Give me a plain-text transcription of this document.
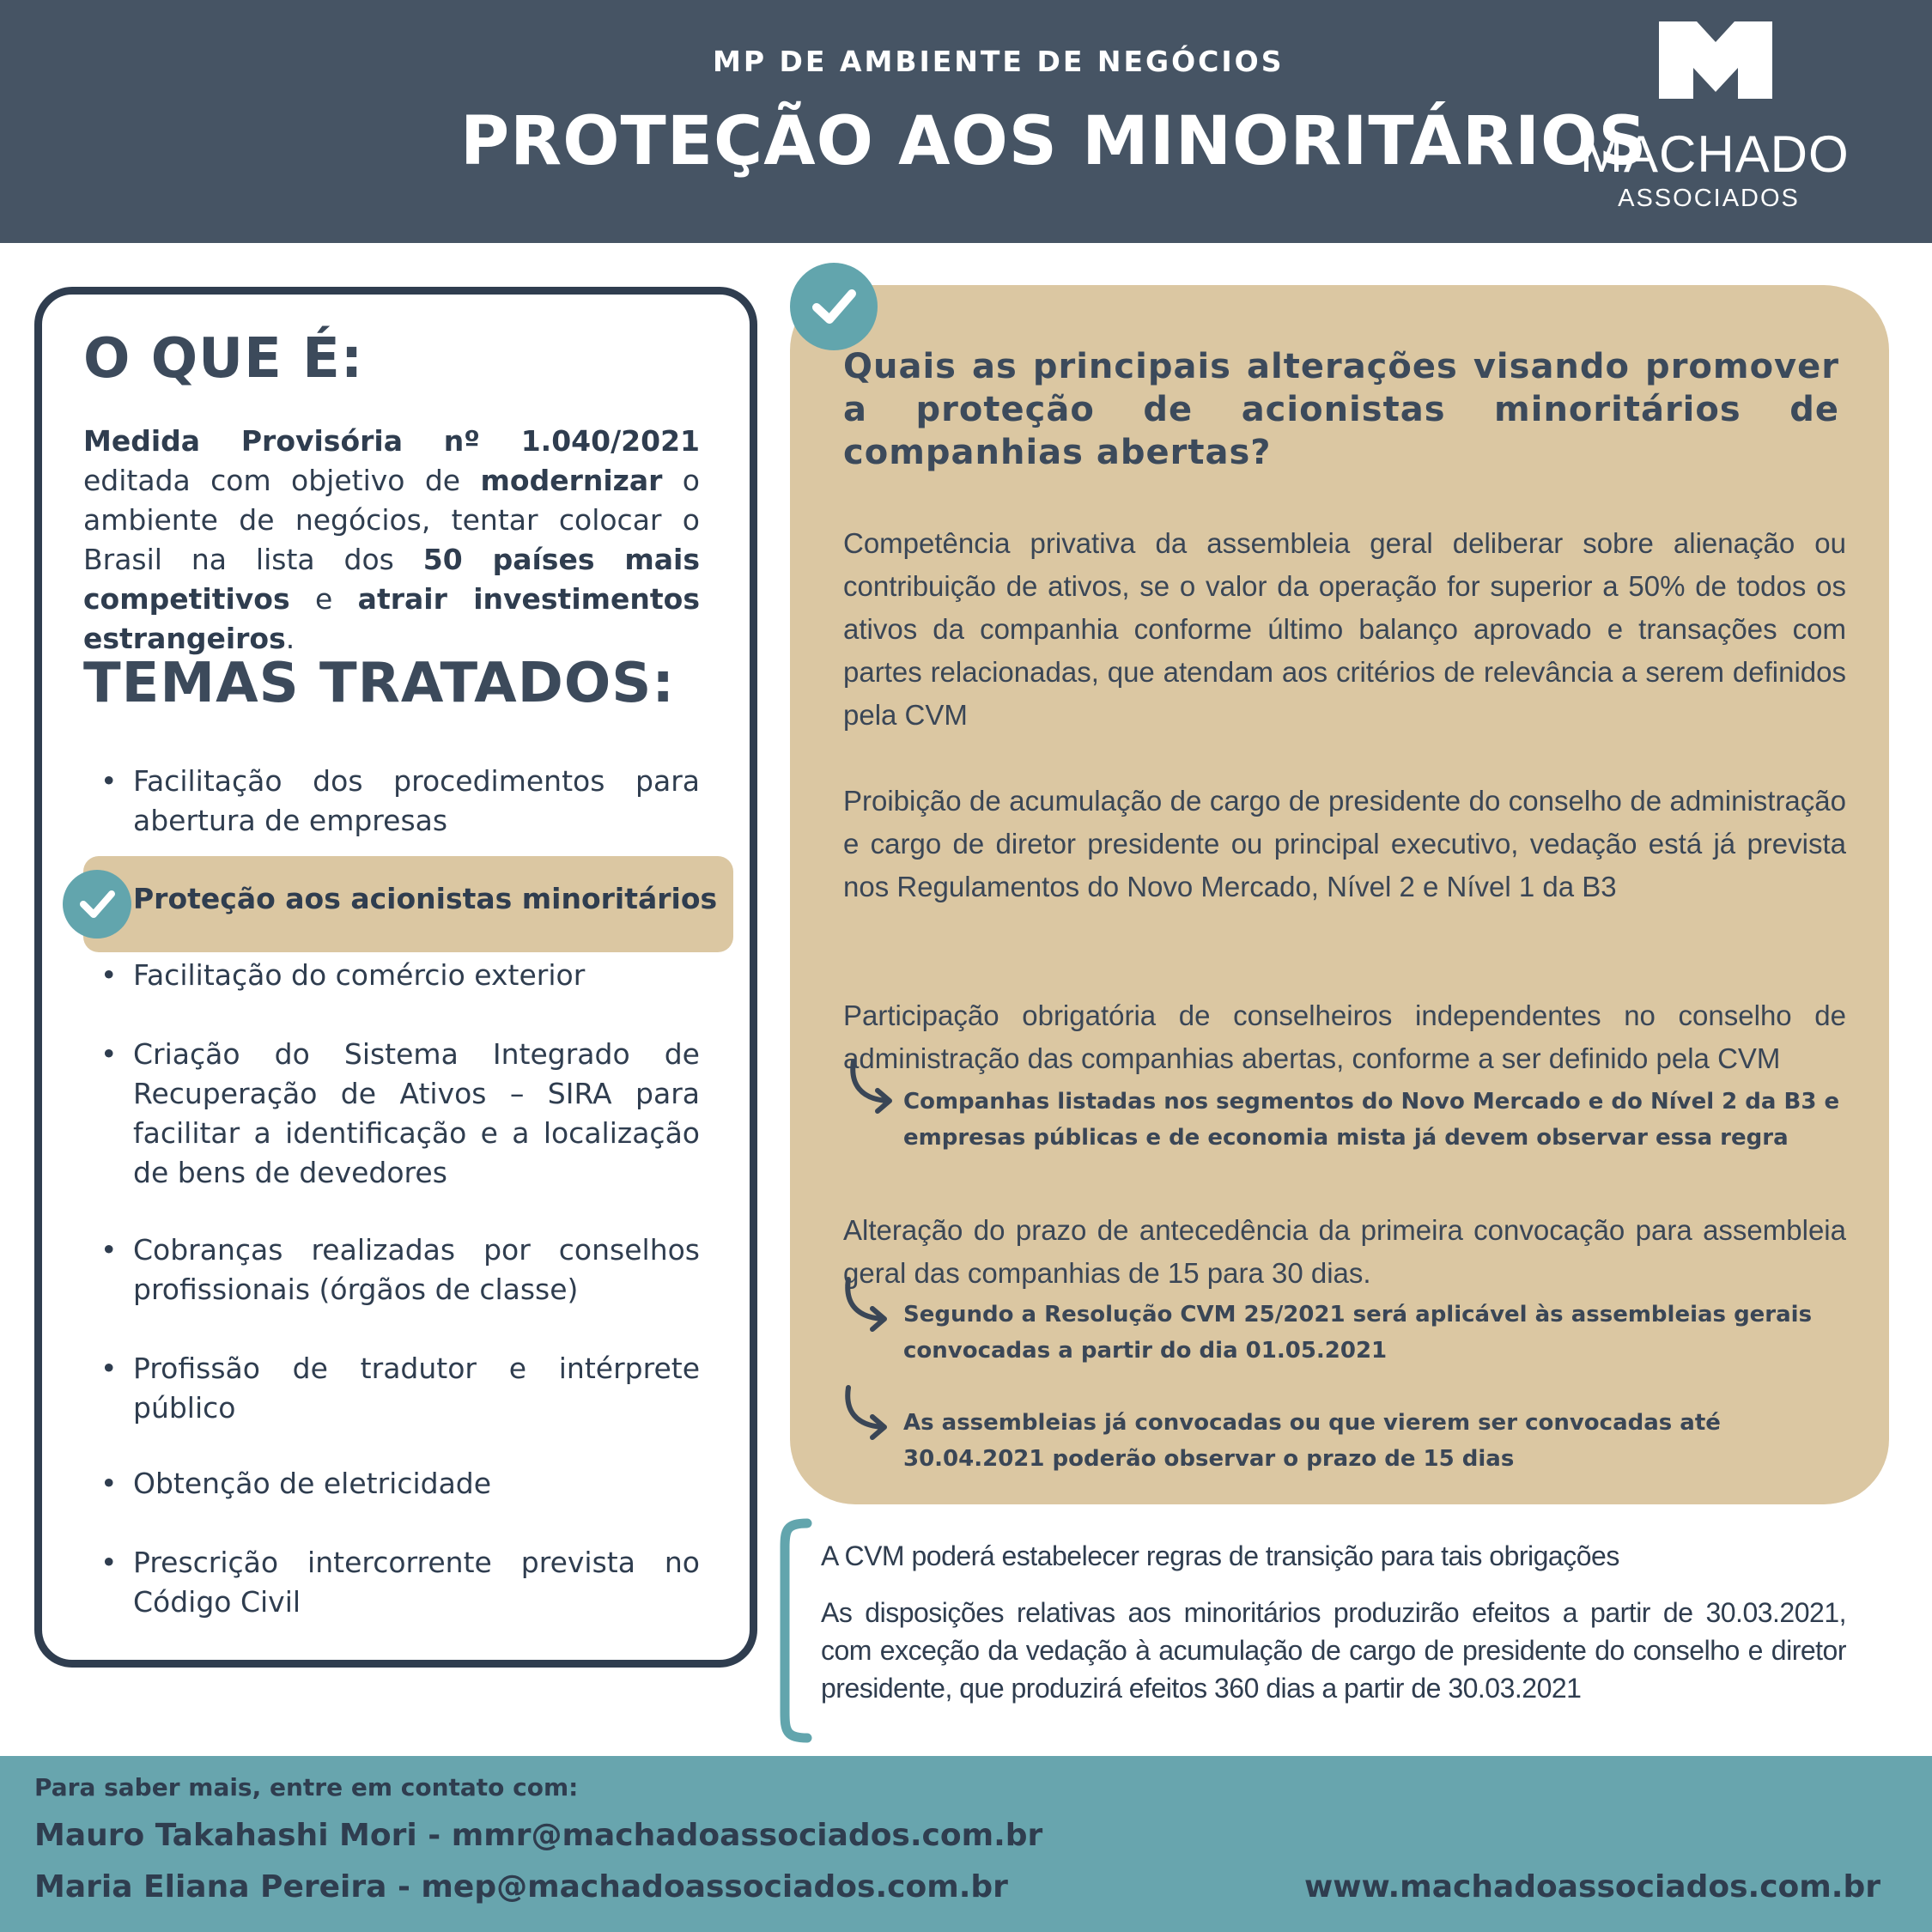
MP DE AMBIENTE DE NEGÓCIOS
PROTEÇÃO AOS MINORITÁRIOS
MACHADO
ASSOCIADOS
O QUE É:
Medida Provisória nº 1.040/2021 editada com objetivo de modernizar o ambiente de negócios, tentar colocar o Brasil na lista dos 50 países mais competitivos e atrair investimentos estrangeiros.
TEMAS TRATADOS:
• Facilitação dos procedimentos para abertura de empresas
Proteção aos acionistas minoritários
• Facilitação do comércio exterior
• Criação do Sistema Integrado de Recuperação de Ativos – SIRA para facilitar a identificação e a localização de bens de devedores
• Cobranças realizadas por conselhos profissionais (órgãos de classe)
• Profissão de tradutor e intérprete público
• Obtenção de eletricidade
• Prescrição intercorrente prevista no Código Civil
Quais as principais alterações visando promover a proteção de acionistas minoritários de companhias abertas?
Competência privativa da assembleia geral deliberar sobre alienação ou contribuição de ativos, se o valor da operação for superior a 50% de todos os ativos da companhia conforme último balanço aprovado e transações com partes relacionadas, que atendam aos critérios de relevância a serem definidos pela CVM
Proibição de acumulação de cargo de presidente do conselho de administração e cargo de diretor presidente ou principal executivo, vedação está já prevista nos Regulamentos do Novo Mercado, Nível 2 e Nível 1 da B3
Participação obrigatória de conselheiros independentes no conselho de administração das companhias abertas, conforme a ser definido pela CVM
Companhas listadas nos segmentos do Novo Mercado e do Nível 2 da B3 e empresas públicas e de economia mista já devem observar essa regra
Alteração do prazo de antecedência da primeira convocação para assembleia geral das companhias de 15 para 30 dias.
Segundo a Resolução CVM 25/2021 será aplicável às assembleias gerais convocadas a partir do dia 01.05.2021
As assembleias já convocadas ou que vierem ser convocadas até 30.04.2021 poderão observar o prazo de 15 dias
A CVM poderá estabelecer regras de transição para tais obrigações
As disposições relativas aos minoritários produzirão efeitos a partir de 30.03.2021, com exceção da vedação à acumulação de cargo de presidente do conselho e diretor presidente, que produzirá efeitos 360 dias a partir de 30.03.2021
Para saber mais, entre em contato com:
Mauro Takahashi Mori - mmr@machadoassociados.com.br
Maria Eliana Pereira - mep@machadoassociados.com.br	www.machadoassociados.com.br
